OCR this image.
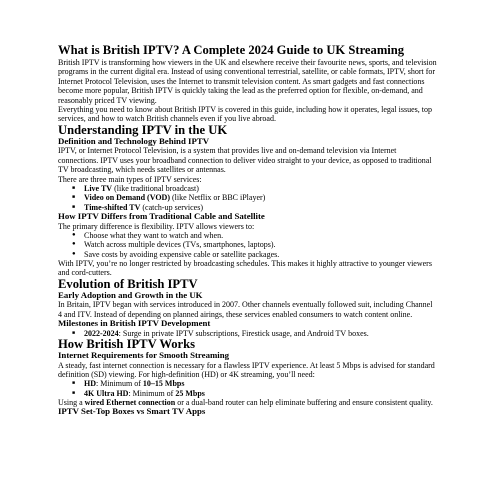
What is British IPTV? A Complete 2024 Guide to UK Streaming

British IPTV is transforming how viewers in the UK and elsewhere receive their favourite news, sports, and television programs in the current digital era. Instead of using conventional terrestrial, satellite, or cable formats, IPTV, short for Internet Protocol Television, uses the Internet to transmit television content. As smart gadgets and fast connections become more popular, British IPTV is quickly taking the lead as the preferred option for flexible, on-demand, and reasonably priced TV viewing.

Everything you need to know about British IPTV is covered in this guide, including how it operates, legal issues, top services, and how to watch British channels even if you live abroad.

Understanding IPTV in the UK
Definition and Technology Behind IPTV

IPTV, or Internet Protocol Television, is a system that provides live and on-demand television via Internet connections. IPTV uses your broadband connection to deliver video straight to your device, as opposed to traditional TV broadcasting, which needs satellites or antennas.

There are three main types of IPTV services:

■ Live TV (like traditional broadcast)
■ Video on Demand (VOD) (like Netflix or BBC iPlayer)
■ Time-shifted TV (catch-up services)
How IPTV Differs from Traditional Cable and Satellite

The primary difference is flexibility. IPTV allows viewers to:

● Choose what they want to watch and when.
● Watch across multiple devices (TVs, smartphones, laptops).
● Save costs by avoiding expensive cable or satellite packages.

With IPTV, you’re no longer restricted by broadcasting schedules. This makes it highly attractive to younger viewers and cord-cutters.

Evolution of British IPTV
Early Adoption and Growth in the UK

In Britain, IPTV began with services introduced in 2007. Other channels eventually followed suit, including Channel 4 and ITV. Instead of depending on planned airings, these services enabled consumers to watch content online.

Milestones in British IPTV Development
■ 2022-2024: Surge in private IPTV subscriptions, Firestick usage, and Android TV boxes.
How British IPTV Works
Internet Requirements for Smooth Streaming

A steady, fast internet connection is necessary for a flawless IPTV experience. At least 5 Mbps is advised for standard definition (SD) viewing. For high-definition (HD) or 4K streaming, you’ll need:

■ HD: Minimum of 10–15 Mbps
■ 4K Ultra HD: Minimum of 25 Mbps

Using a wired Ethernet connection or a dual-band router can help eliminate buffering and ensure consistent quality.

IPTV Set-Top Boxes vs Smart TV Apps
